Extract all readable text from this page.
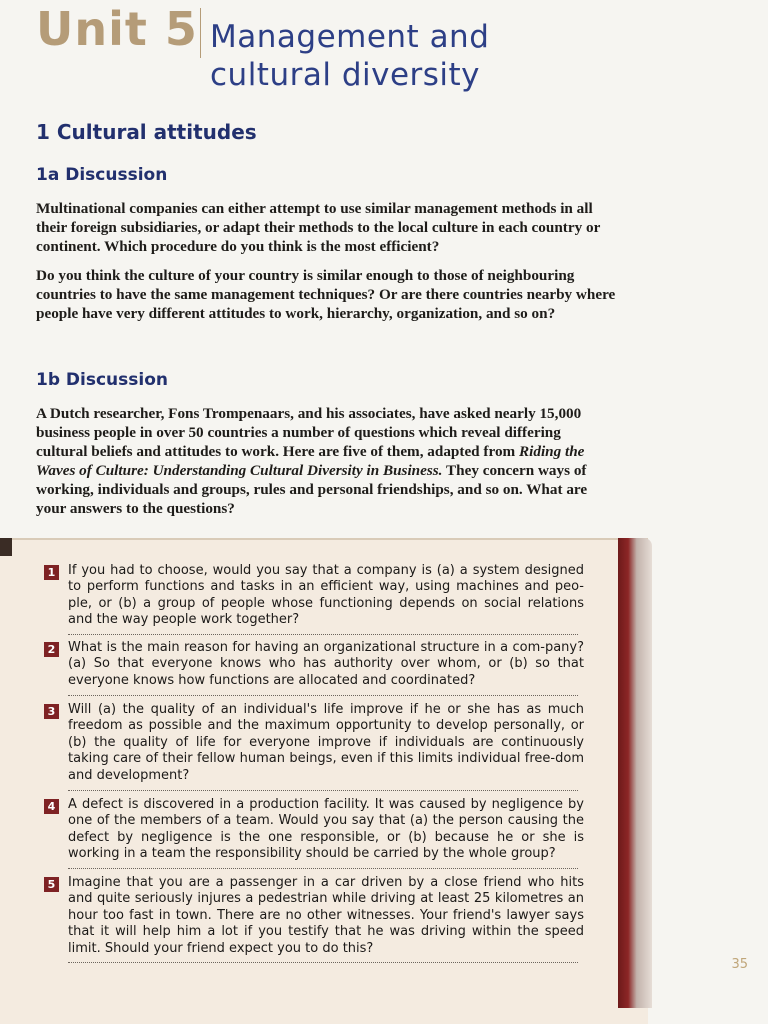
Unit 5 Management and
cultural diversity
1 Cultural attitudes
1a Discussion

Multinational companies can either attempt to use similar management methods in all their foreign subsidiaries, or adapt their methods to the local culture in each country or continent. Which procedure do you think is the most efficient?

Do you think the culture of your country is similar enough to those of neighbouring countries to have the same management techniques? Or are there countries nearby where people have very different attitudes to work, hierarchy, organization, and so on?

1b Discussion

A Dutch researcher, Fons Trompenaars, and his associates, have asked nearly 15,000 business people in over 50 countries a number of questions which reveal differing cultural beliefs and attitudes to work. Here are five of them, adapted from Riding the Waves of Culture: Understanding Cultural Diversity in Business. They concern ways of working, individuals and groups, rules and personal friendships, and so on. What are your answers to the questions?

1 If you had to choose, would you say that a company is (a) a system designed to perform functions and tasks in an efficient way, using machines and peo-ple, or (b) a group of people whose functioning depends on social relations and the way people work together?
2 What is the main reason for having an organizational structure in a com-pany? (a) So that everyone knows who has authority over whom, or (b) so that everyone knows how functions are allocated and coordinated?
3 Will (a) the quality of an individual's life improve if he or she has as much freedom as possible and the maximum opportunity to develop personally, or (b) the quality of life for everyone improve if individuals are continuously taking care of their fellow human beings, even if this limits individual free-dom and development?
4 A defect is discovered in a production facility. It was caused by negligence by one of the members of a team. Would you say that (a) the person causing the defect by negligence is the one responsible, or (b) because he or she is working in a team the responsibility should be carried by the whole group?
5 Imagine that you are a passenger in a car driven by a close friend who hits and quite seriously injures a pedestrian while driving at least 25 kilometres an hour too fast in town. There are no other witnesses. Your friend's lawyer says that it will help him a lot if you testify that he was driving within the speed limit. Should your friend expect you to do this?
35
